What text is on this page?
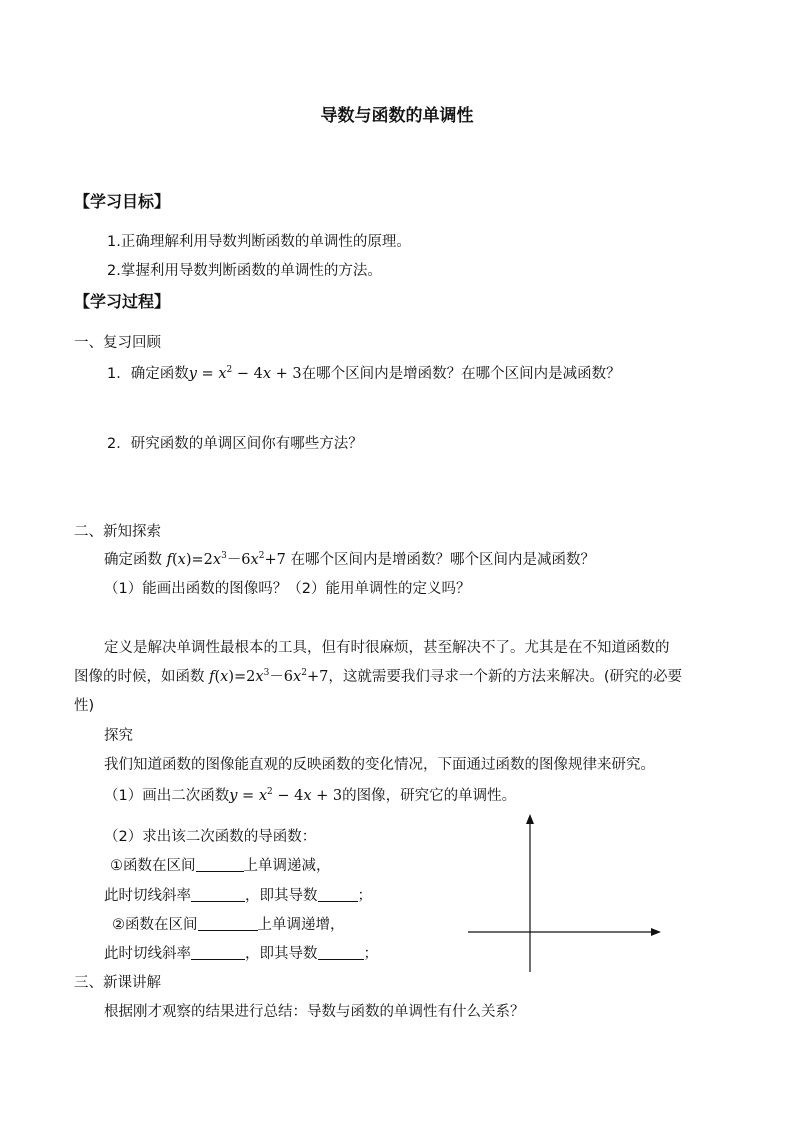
导数与函数的单调性
【学习目标】
1.正确理解利用导数判断函数的单调性的原理。
2.掌握利用导数判断函数的单调性的方法。
【学习过程】
一、复习回顾
1．确定函数$y = x^2 - 4x + 3$在哪个区间内是增函数？在哪个区间内是减函数？
2．研究函数的单调区间你有哪些方法？
二、新知探索
确定函数 $f(x)=2x^3-6x^2+7$ 在哪个区间内是增函数？哪个区间内是减函数？
（1）能画出函数的图像吗？（2）能用单调性的定义吗？
定义是解决单调性最根本的工具，但有时很麻烦，甚至解决不了。尤其是在不知道函数的
图像的时候，如函数 $f(x)=2x^3-6x^2+7$，这就需要我们寻求一个新的方法来解决。(研究的必要
性)
探究
我们知道函数的图像能直观的反映函数的变化情况，下面通过函数的图像规律来研究。
（1）画出二次函数$y = x^2 - 4x + 3$的图像，研究它的单调性。
（2）求出该二次函数的导函数：
①函数在区间	上单调递减，
此时切线斜率	，即其导数	；
②函数在区间	上单调递增，
此时切线斜率	，即其导数	；
三、新课讲解
根据刚才观察的结果进行总结：导数与函数的单调性有什么关系？
